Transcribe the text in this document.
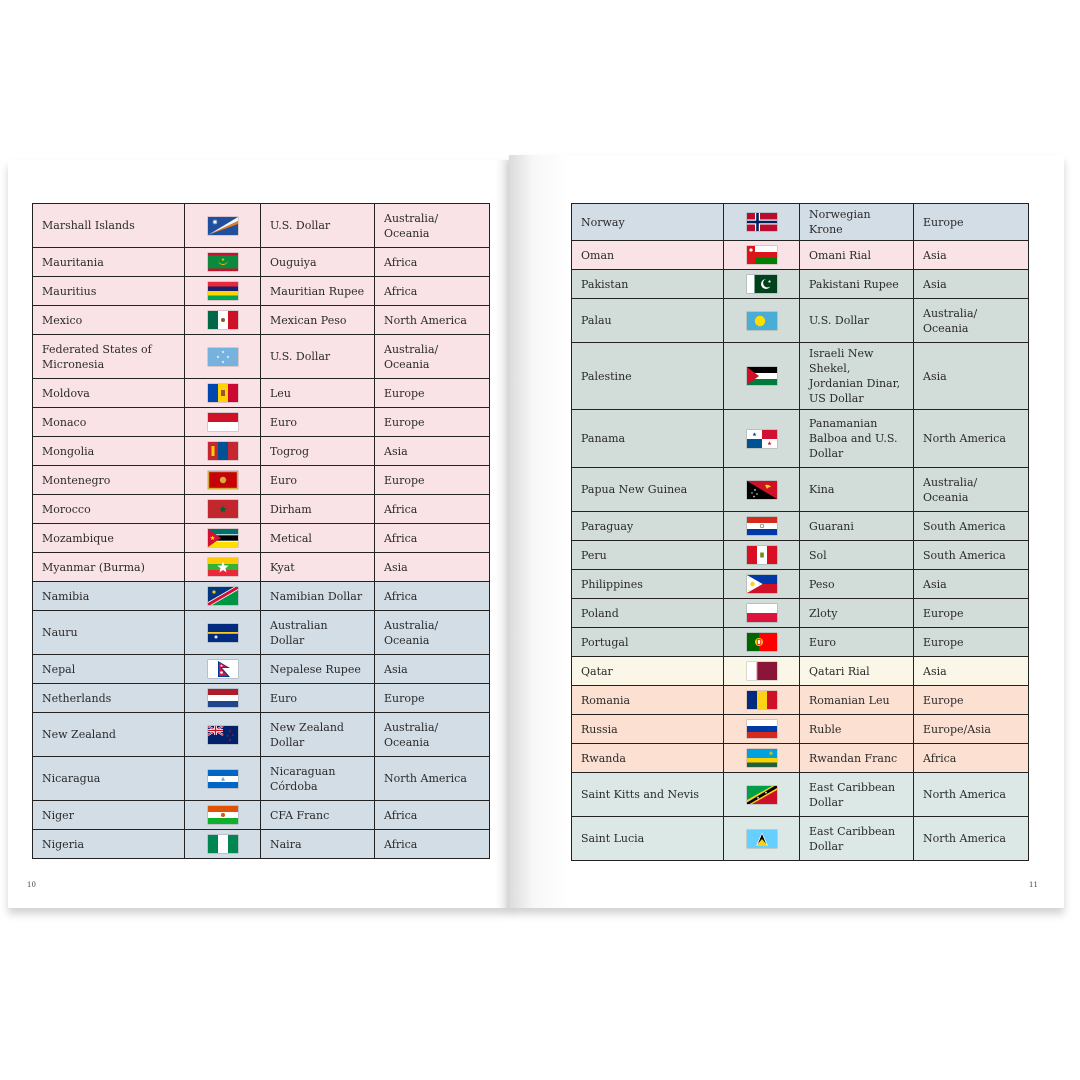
Marshall Islands		U.S. Dollar	Australia/ Oceania
Mauritania		Ouguiya	Africa
Mauritius		Mauritian Rupee	Africa
Mexico		Mexican Peso	North America
Federated States of Micronesia		U.S. Dollar	Australia/ Oceania
Moldova		Leu	Europe
Monaco		Euro	Europe
Mongolia		Togrog	Asia
Montenegro		Euro	Europe
Morocco		Dirham	Africa
Mozambique		Metical	Africa
Myanmar (Burma)		Kyat	Asia
Namibia		Namibian Dollar	Africa
Nauru		Australian Dollar	Australia/ Oceania
Nepal		Nepalese Rupee	Asia
Netherlands		Euro	Europe
New Zealand		New Zealand Dollar	Australia/ Oceania
Nicaragua		Nicaraguan Córdoba	North America
Niger		CFA Franc	Africa
Nigeria		Naira	Africa
10
Norway		Norwegian Krone	Europe
Oman		Omani Rial	Asia
Pakistan		Pakistani Rupee	Asia
Palau		U.S. Dollar	Australia/ Oceania
Palestine		Israeli New Shekel, Jordanian Dinar, US Dollar	Asia
Panama		Panamanian Balboa and U.S. Dollar	North America
Papua New Guinea		Kina	Australia/ Oceania
Paraguay		Guarani	South America
Peru		Sol	South America
Philippines		Peso	Asia
Poland		Zloty	Europe
Portugal		Euro	Europe
Qatar		Qatari Rial	Asia
Romania		Romanian Leu	Europe
Russia		Ruble	Europe/Asia
Rwanda		Rwandan Franc	Africa
Saint Kitts and Nevis		East Caribbean Dollar	North America
Saint Lucia		East Caribbean Dollar	North America
11
